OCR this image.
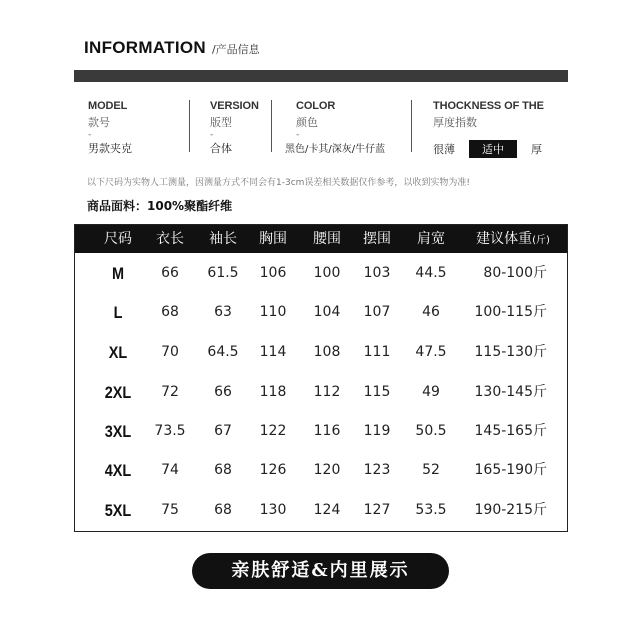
INFORMATION /产品信息
MODEL
款号
-
男款夹克
VERSION
版型
-
合体
COLOR
颜色
-
黑色/卡其/深灰/牛仔蓝
THOCKNESS OF THE
厚度指数

很薄	适中	厚
以下尺码为实物人工测量，因测量方式不同会有1-3cm误差相关数据仅作参考，以收到实物为准!
商品面料：100%聚酯纤维
尺码 衣长 袖长 胸围 腰围 摆围 肩宽 建议体重(斤)
M	66 61.5 106 100 103 44.5	80-100斤
L	68	63 110 104 107 46 100-115斤
XL 70 64.5 114 108 111 47.5 115-130斤
2XL 72	66 118 112 115 49 130-145斤
3XL 73.5 67 122 116 119 50.5 145-165斤
4XL 74	68 126 120 123 52 165-190斤
5XL 75	68 130 124 127 53.5 190-215斤
亲肤舒适&内里展示
